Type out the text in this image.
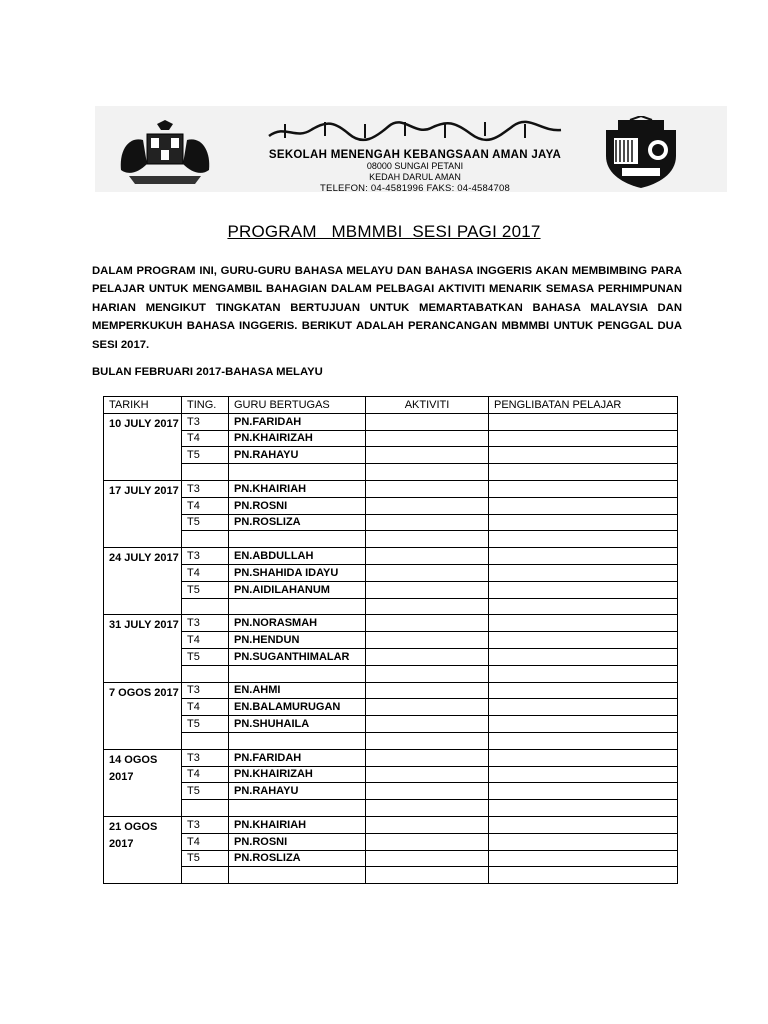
SEKOLAH MENENGAH KEBANGSAAN AMAN JAYA
08000 SUNGAI PETANI
KEDAH DARUL AMAN
TELEFON: 04-4581996 FAKS: 04-4584708
PROGRAM   MBMMBI  SESI PAGI 2017
DALAM PROGRAM INI, GURU-GURU BAHASA MELAYU DAN BAHASA INGGERIS AKAN MEMBIMBING PARA PELAJAR UNTUK MENGAMBIL BAHAGIAN DALAM PELBAGAI AKTIVITI MENARIK SEMASA PERHIMPUNAN HARIAN MENGIKUT TINGKATAN BERTUJUAN UNTUK MEMARTABATKAN BAHASA MALAYSIA DAN MEMPERKUKUH BAHASA INGGERIS. BERIKUT ADALAH PERANCANGAN MBMMBI UNTUK PENGGAL DUA SESI 2017.
BULAN FEBRUARI 2017-BAHASA MELAYU
TARIKH	TING.	GURU BERTUGAS	AKTIVITI	PENGLIBATAN PELAJAR
10 JULY 2017	T3	PN.FARIDAH		
	T4	PN.KHAIRIZAH		
	T5	PN.RAHAYU		

17 JULY 2017	T3	PN.KHAIRIAH		
	T4	PN.ROSNI		
	T5	PN.ROSLIZA		

24 JULY 2017	T3	EN.ABDULLAH		
	T4	PN.SHAHIDA IDAYU		
	T5	PN.AIDILAHANUM		

31 JULY 2017	T3	PN.NORASMAH		
	T4	PN.HENDUN		
	T5	PN.SUGANTHIMALAR		

7 OGOS 2017	T3	EN.AHMI		
	T4	EN.BALAMURUGAN		
	T5	PN.SHUHAILA		

14 OGOS 2017	T3	PN.FARIDAH		
	T4	PN.KHAIRIZAH		
	T5	PN.RAHAYU		

21 OGOS 2017	T3	PN.KHAIRIAH		
	T4	PN.ROSNI		
	T5	PN.ROSLIZA		
